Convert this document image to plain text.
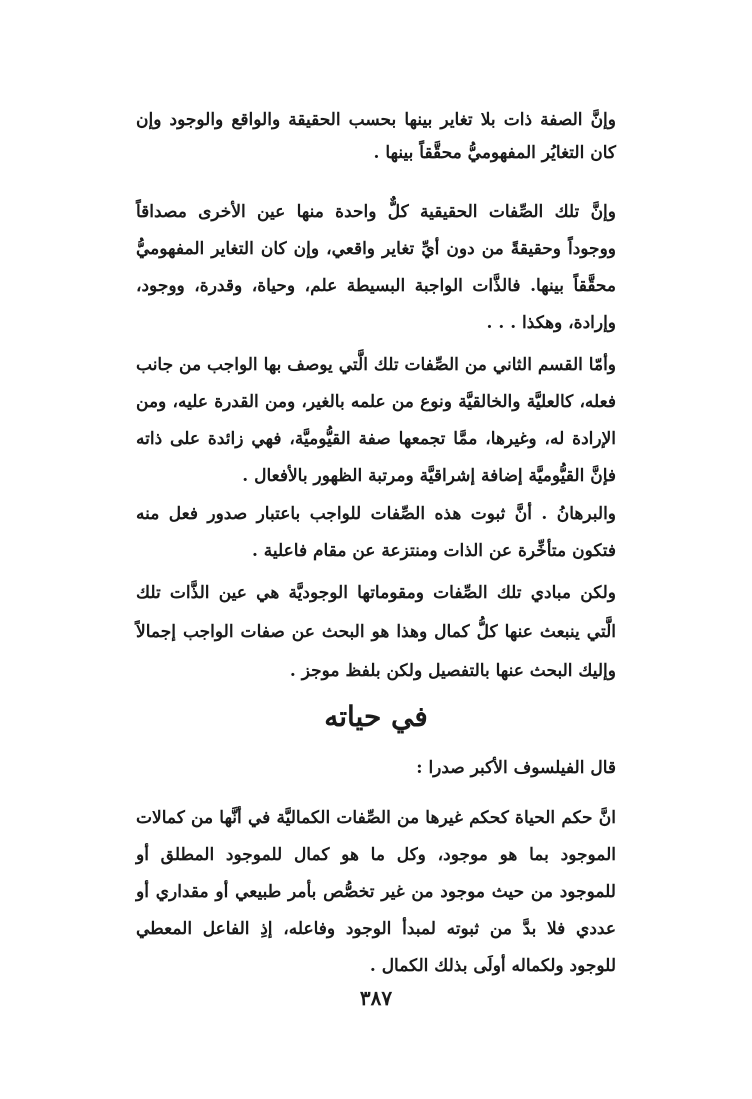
وإنَّ الصفة ذات بلا تغاير بينها بحسب الحقيقة والواقع والوجود وإن كان التغايُر المفهوميُّ محقَّقاً بينها .

وإنَّ تلك الصِّفات الحقيقية كلٌّ واحدة منها عين الأخرى مصداقاً ووجوداً وحقيقةً من دون أيِّ تغاير واقعي، وإن كان التغاير المفهوميُّ محقَّقاً بينها. فالذَّات الواجبة البسيطة علم، وحياة، وقدرة، ووجود، وإرادة، وهكذا . . .

وأمّا القسم الثاني من الصِّفات تلك الَّتي يوصف بها الواجب من جانب فعله، كالعليَّة والخالقيَّة ونوع من علمه بالغير، ومن القدرة عليه، ومن الإرادة له، وغيرها، ممَّا تجمعها صفة القيُّوميَّة، فهي زائدة على ذاته فإنَّ القيُّوميَّة إضافة إشراقيَّة ومرتبة الظهور بالأفعال .

والبرهانُ . أنَّ ثبوت هذه الصِّفات للواجب باعتبار صدور فعل منه فتكون متأخِّرة عن الذات ومنتزعة عن مقام فاعلية .

ولكن مبادي تلك الصِّفات ومقوماتها الوجوديَّة هي عين الذَّات تلك الَّتي ينبعث عنها كلُّ كمال وهذا هو البحث عن صفات الواجب إجمالاً وإليك البحث عنها بالتفصيل ولكن بلفظ موجز .

في حياته

قال الفيلسوف الأكبر صدرا :

انَّ حكم الحياة كحكم غيرها من الصِّفات الكماليَّة في أنَّها من كمالات الموجود بما هو موجود، وكل ما هو كمال للموجود المطلق أو للموجود من حيث موجود من غير تخصُّص بأمر طبيعي أو مقداري أو عددي فلا بدَّ من ثبوته لمبدأ الوجود وفاعله، إذِ الفاعل المعطي للوجود ولكماله أولَى بذلك الكمال .

٣٨٧
